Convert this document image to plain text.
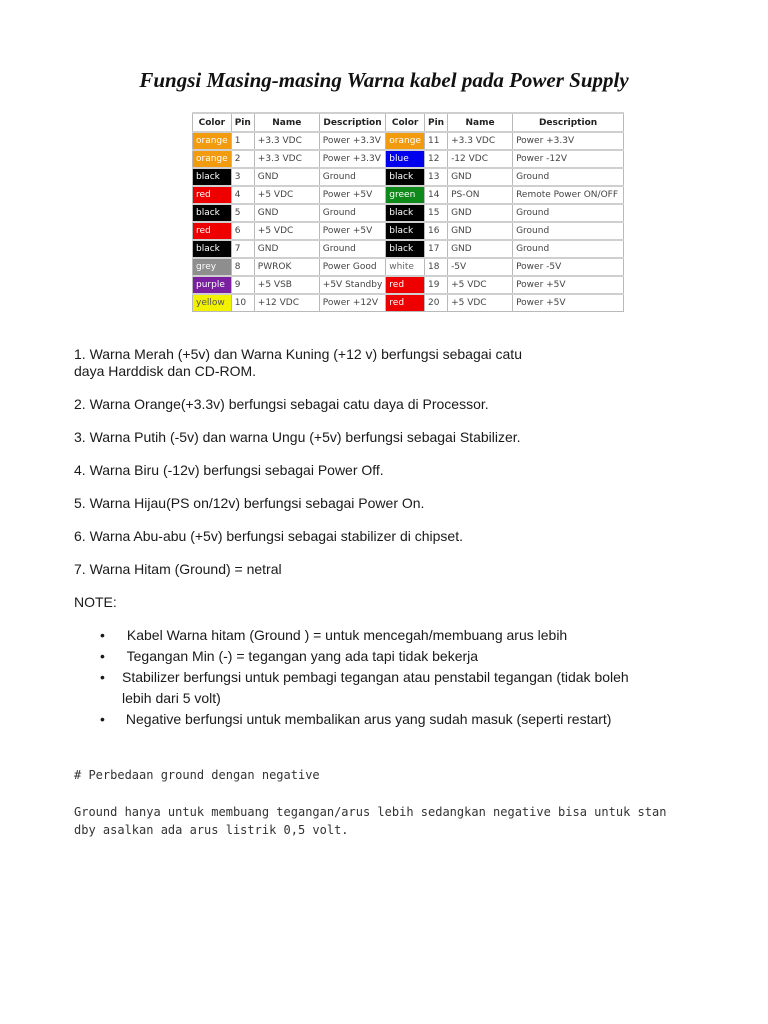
Fungsi Masing-masing Warna kabel pada Power Supply
Color	Pin	Name	Description	Color	Pin	Name	Description
orange	1	+3.3 VDC	Power +3.3V	orange	11	+3.3 VDC	Power +3.3V
orange	2	+3.3 VDC	Power +3.3V	blue	12	-12 VDC	Power -12V
black	3	GND	Ground	black	13	GND	Ground
red	4	+5 VDC	Power +5V	green	14	PS-ON	Remote Power ON/OFF
black	5	GND	Ground	black	15	GND	Ground
red	6	+5 VDC	Power +5V	black	16	GND	Ground
black	7	GND	Ground	black	17	GND	Ground
grey	8	PWROK	Power Good	white	18	-5V	Power -5V
purple	9	+5 VSB	+5V Standby	red	19	+5 VDC	Power +5V
yellow	10	+12 VDC	Power +12V	red	20	+5 VDC	Power +5V

1. Warna Merah (+5v) dan Warna Kuning (+12 v) berfungsi sebagai catu
daya Harddisk dan CD-ROM.

2. Warna Orange(+3.3v) berfungsi sebagai catu daya di Processor.

3. Warna Putih (-5v) dan warna Ungu (+5v) berfungsi sebagai Stabilizer.

4. Warna Biru (-12v) berfungsi sebagai Power Off.

5. Warna Hijau(PS on/12v) berfungsi sebagai Power On.

6. Warna Abu-abu (+5v) berfungsi sebagai stabilizer di chipset.

7. Warna Hitam (Ground) = netral

NOTE:

•  Kabel Warna hitam (Ground ) = untuk mencegah/membuang arus lebih
•  Tegangan Min (-) = tegangan yang ada tapi tidak bekerja
• Stabilizer berfungsi untuk pembagi tegangan atau penstabil tegangan (tidak boleh
lebih dari 5 volt)
•  Negative berfungsi untuk membalikan arus yang sudah masuk (seperti restart)

# Perbedaan ground dengan negative

Ground hanya untuk membuang tegangan/arus lebih sedangkan negative bisa untuk stan
dby asalkan ada arus listrik 0,5 volt.
